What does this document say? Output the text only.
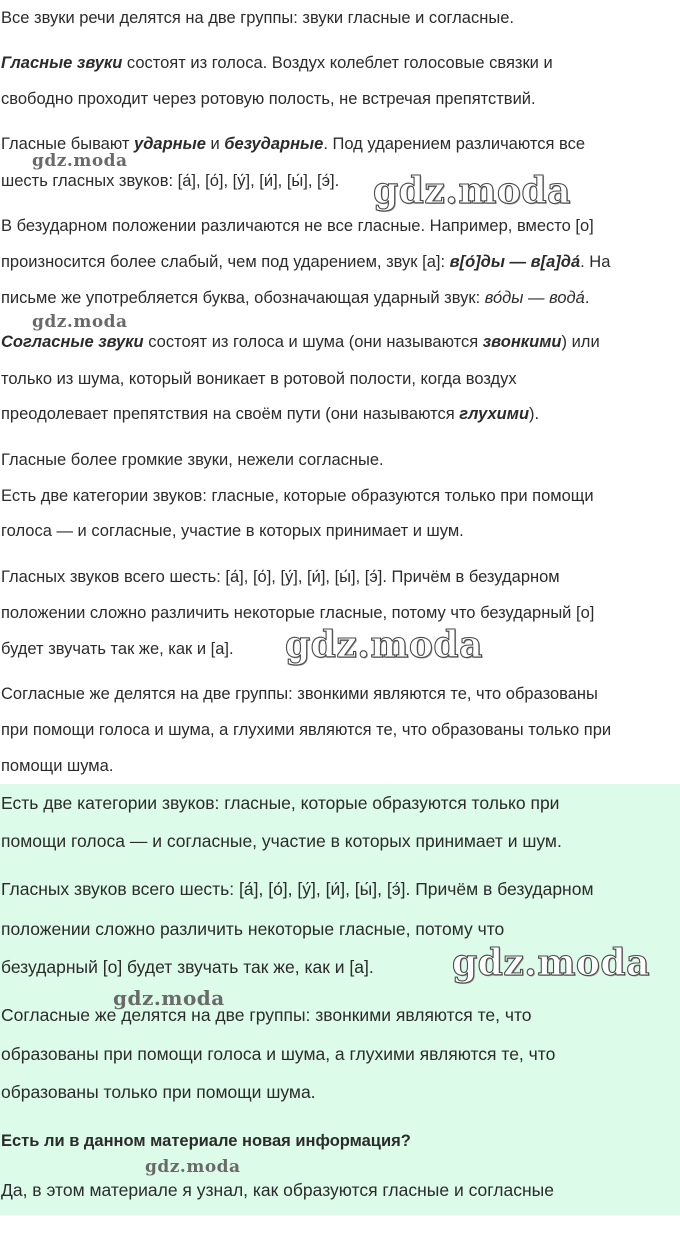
Все звуки речи делятся на две группы: звуки гласные и согласные.
Гласные звуки состоят из голоса. Воздух колеблет голосовые связки и
свободно проходит через ротовую полость, не встречая препятствий.
Гласные бывают ударные и безударные. Под ударением различаются все
шесть гласных звуков: [а́], [о́], [у́], [и́], [ы́], [э́].
В безударном положении различаются не все гласные. Например, вместо [о]
произносится более слабый, чем под ударением, звук [а]: в[о́]ды — в[а]да́. На
письме же употребляется буква, обозначающая ударный звук: во́ды — вода́.
Согласные звуки состоят из голоса и шума (они называются звонкими) или
только из шума, который воникает в ротовой полости, когда воздух
преодолевает препятствия на своём пути (они называются глухими).
Гласные более громкие звуки, нежели согласные.
Есть две категории звуков: гласные, которые образуются только при помощи
голоса — и согласные, участие в которых принимает и шум.
Гласных звуков всего шесть: [а́], [о́], [у́], [и́], [ы́], [э́]. Причём в безударном
положении сложно различить некоторые гласные, потому что безударный [о]
будет звучать так же, как и [а].
Согласные же делятся на две группы: звонкими являются те, что образованы
при помощи голоса и шума, а глухими являются те, что образованы только при
помощи шума.
Есть две категории звуков: гласные, которые образуются только при
помощи голоса — и согласные, участие в которых принимает и шум.
Гласных звуков всего шесть: [а́], [о́], [у́], [и́], [ы́], [э́]. Причём в безударном
положении сложно различить некоторые гласные, потому что
безударный [о] будет звучать так же, как и [а].
Согласные же делятся на две группы: звонкими являются те, что
образованы при помощи голоса и шума, а глухими являются те, что
образованы только при помощи шума.
Есть ли в данном материале новая информация?
Да, в этом материале я узнал, как образуются гласные и согласные
gdz.moda
gdz.moda
gdz.moda
gdz.moda
gdz.moda
gdz.moda
gdz.moda
